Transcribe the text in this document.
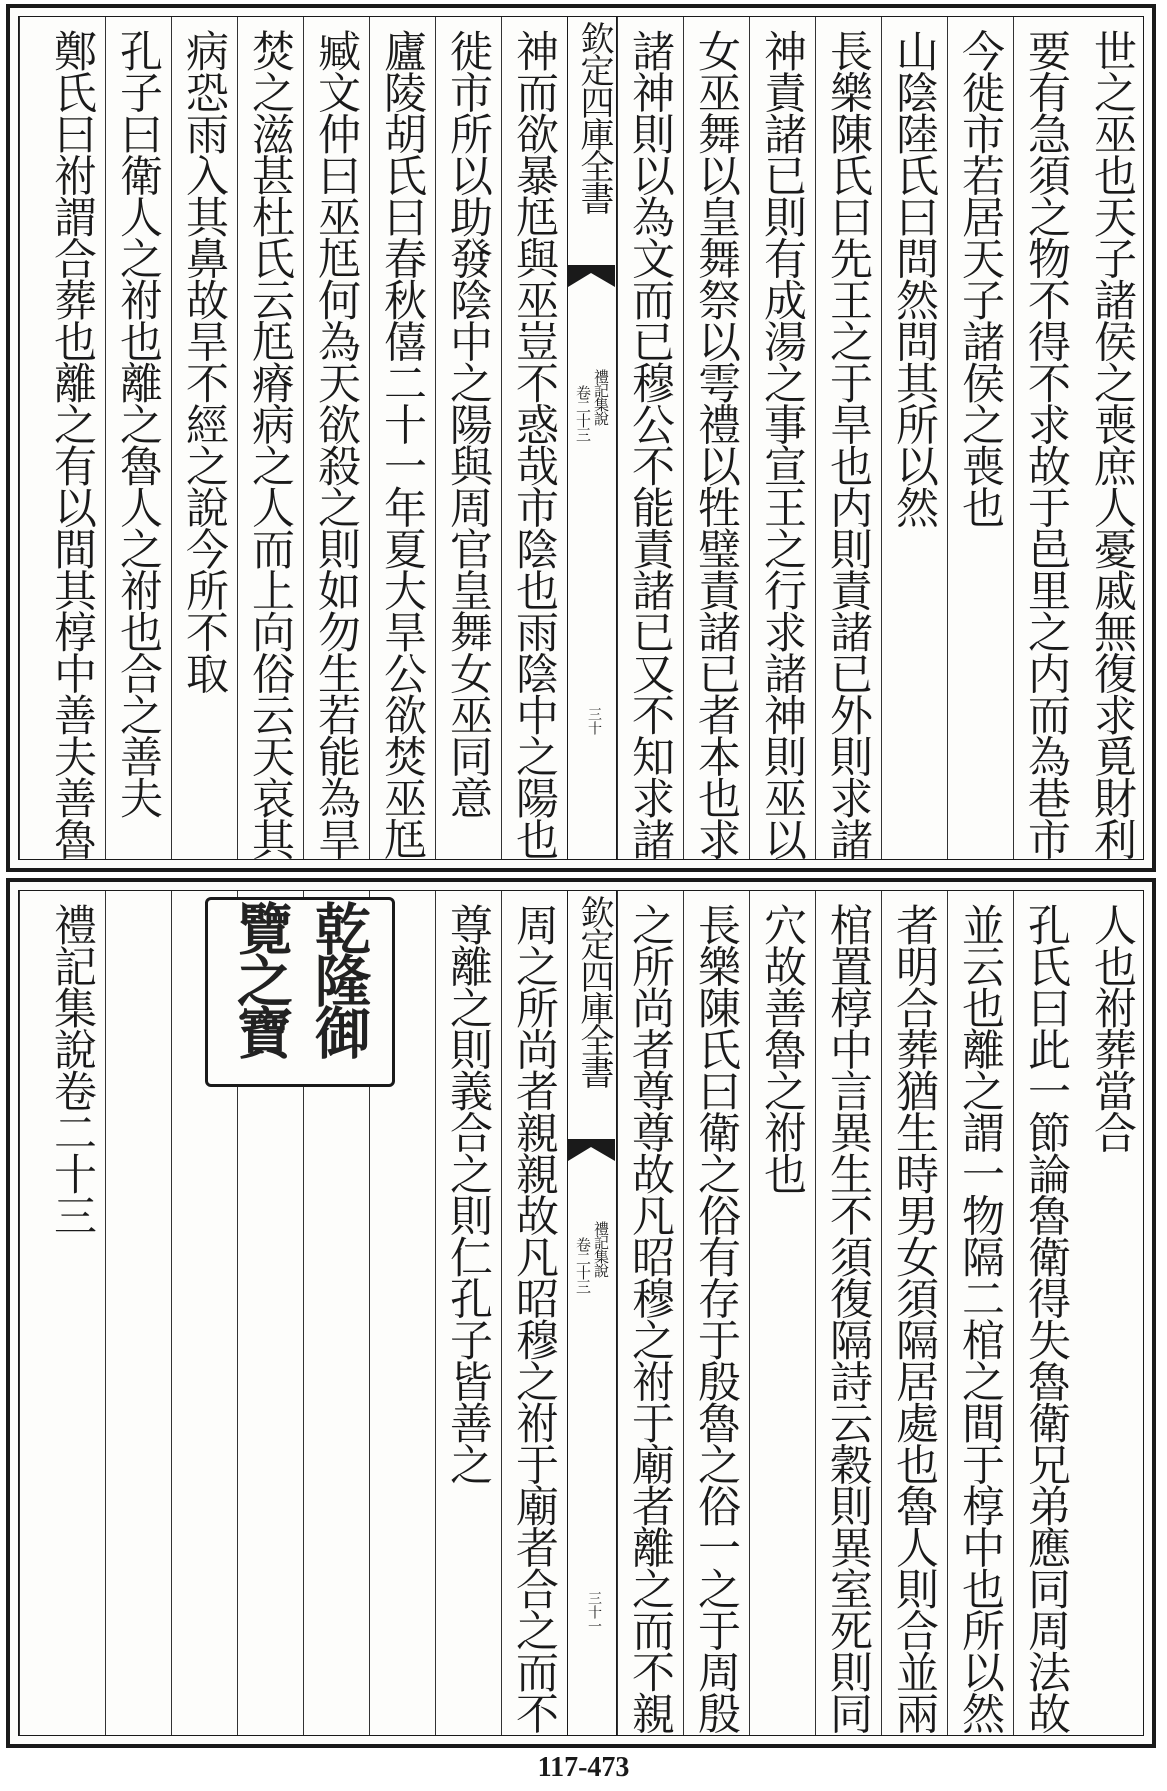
世之巫也天子諸侯之喪庶人憂戚無復求覓財利
要有急須之物不得不求故于邑里之内而為巷市
今徙市若居天子諸侯之喪也
山陰陸氏曰問然問其所以然
長樂陳氏曰先王之于旱也内則責諸已外則求諸
神責諸已則有成湯之事宣王之行求諸神則巫以
女巫舞以皇舞祭以雩禮以牲璧責諸已者本也求
諸神則以為文而已穆公不能責諸已又不知求諸
欽定四庫全書
禮記集說
卷二十三
三十
神而欲暴尪與巫豈不惑哉市陰也雨陰中之陽也
徙市所以助發陰中之陽與周官皇舞女巫同意
廬陵胡氏曰春秋僖二十一年夏大旱公欲焚巫尪
臧文仲曰巫尪何為天欲殺之則如勿生若能為旱
焚之滋甚杜氏云尪瘠病之人而上向俗云天哀其
病恐雨入其鼻故旱不經之說今所不取
孔子曰衛人之祔也離之魯人之祔也合之善夫
鄭氏曰祔謂合葬也離之有以間其椁中善夫善魯
人也祔葬當合
孔氏曰此一節論魯衛得失魯衛兄弟應同周法故
並云也離之謂一物隔二棺之間于椁中也所以然
者明合葬猶生時男女須隔居處也魯人則合並兩
棺置椁中言異生不須復隔詩云穀則異室死則同
穴故善魯之祔也
長樂陳氏曰衛之俗有存于殷魯之俗一之于周殷
之所尚者尊尊故凡昭穆之祔于廟者離之而不親
欽定四庫全書
禮記集說
卷二十三
三十一
周之所尚者親親故凡昭穆之祔于廟者合之而不
尊離之則義合之則仁孔子皆善之
禮記集說卷二十三	乾隆御覽之寶
117-473
